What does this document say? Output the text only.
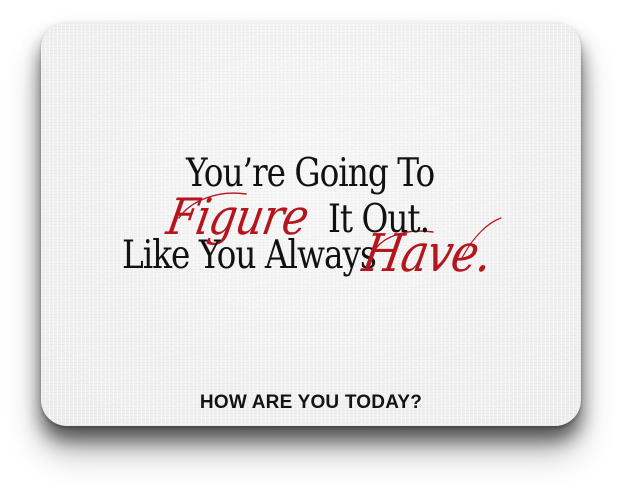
You’re Going To
Figure It Out.
Like You Always
Have.
HOW ARE YOU TODAY?
